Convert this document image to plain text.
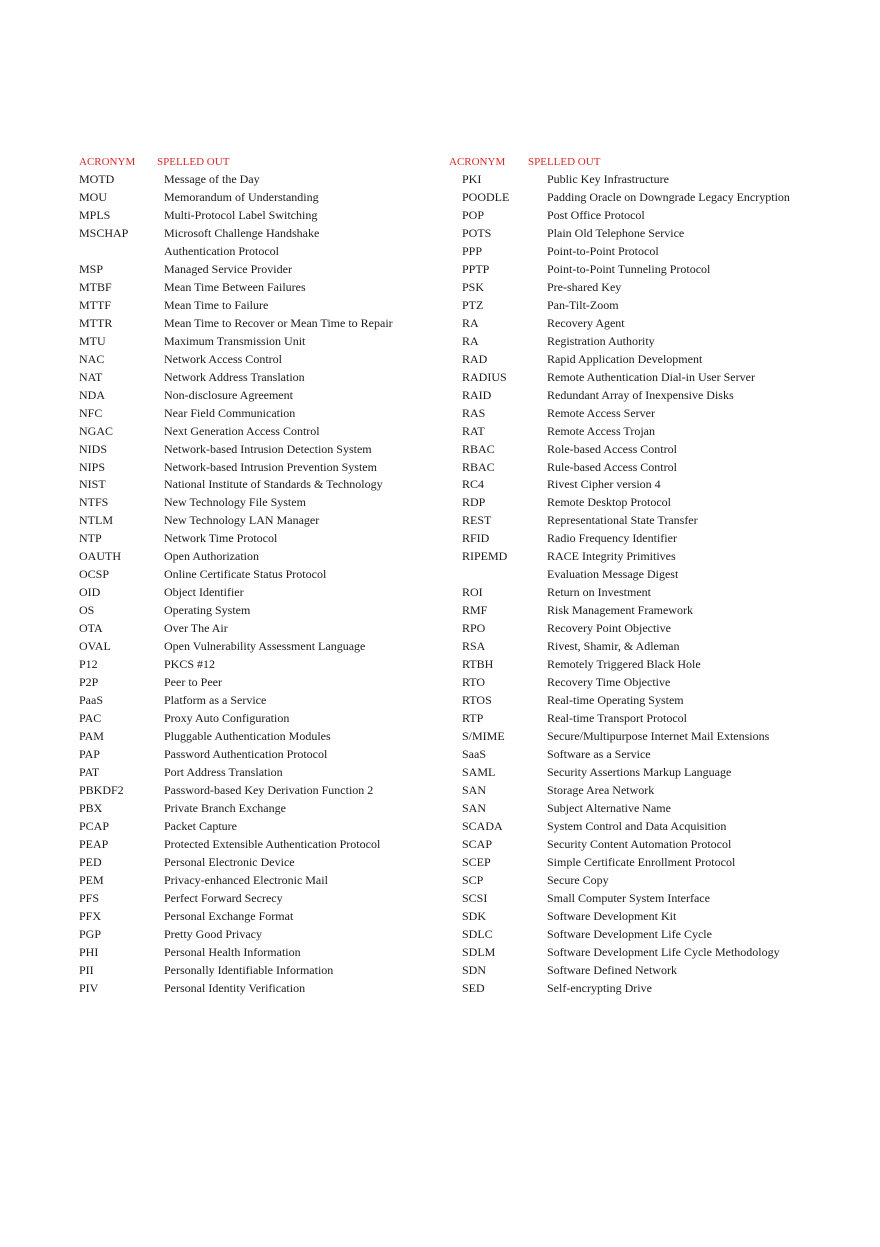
ACRONYM SPELLED OUT
MOTD	Message of the Day
MOU	Memorandum of Understanding
MPLS	Multi-Protocol Label Switching
MSCHAP	Microsoft Challenge Handshake
Authentication Protocol
MSP	Managed Service Provider
MTBF	Mean Time Between Failures
MTTF	Mean Time to Failure
MTTR	Mean Time to Recover or Mean Time to Repair
MTU	Maximum Transmission Unit
NAC	Network Access Control
NAT	Network Address Translation
NDA	Non-disclosure Agreement
NFC	Near Field Communication
NGAC	Next Generation Access Control
NIDS	Network-based Intrusion Detection System
NIPS	Network-based Intrusion Prevention System
NIST	National Institute of Standards & Technology
NTFS	New Technology File System
NTLM	New Technology LAN Manager
NTP	Network Time Protocol
OAUTH	Open Authorization
OCSP	Online Certificate Status Protocol
OID	Object Identifier
OS	Operating System
OTA	Over The Air
OVAL	Open Vulnerability Assessment Language
P12	PKCS #12
P2P	Peer to Peer
PaaS	Platform as a Service
PAC	Proxy Auto Configuration
PAM	Pluggable Authentication Modules
PAP	Password Authentication Protocol
PAT	Port Address Translation
PBKDF2	Password-based Key Derivation Function 2
PBX	Private Branch Exchange
PCAP	Packet Capture
PEAP	Protected Extensible Authentication Protocol
PED	Personal Electronic Device
PEM	Privacy-enhanced Electronic Mail
PFS	Perfect Forward Secrecy
PFX	Personal Exchange Format
PGP	Pretty Good Privacy
PHI	Personal Health Information
PII	Personally Identifiable Information
PIV	Personal Identity Verification
ACRONYM SPELLED OUT
PKI	Public Key Infrastructure
POODLE	Padding Oracle on Downgrade Legacy Encryption
POP	Post Office Protocol
POTS	Plain Old Telephone Service
PPP	Point-to-Point Protocol
PPTP	Point-to-Point Tunneling Protocol
PSK	Pre-shared Key
PTZ	Pan-Tilt-Zoom
RA	Recovery Agent
RA	Registration Authority
RAD	Rapid Application Development
RADIUS	Remote Authentication Dial-in User Server
RAID	Redundant Array of Inexpensive Disks
RAS	Remote Access Server
RAT	Remote Access Trojan
RBAC	Role-based Access Control
RBAC	Rule-based Access Control
RC4	Rivest Cipher version 4
RDP	Remote Desktop Protocol
REST	Representational State Transfer
RFID	Radio Frequency Identifier
RIPEMD	RACE Integrity Primitives
Evaluation Message Digest
ROI	Return on Investment
RMF	Risk Management Framework
RPO	Recovery Point Objective
RSA	Rivest, Shamir, & Adleman
RTBH	Remotely Triggered Black Hole
RTO	Recovery Time Objective
RTOS	Real-time Operating System
RTP	Real-time Transport Protocol
S/MIME	Secure/Multipurpose Internet Mail Extensions
SaaS	Software as a Service
SAML	Security Assertions Markup Language
SAN	Storage Area Network
SAN	Subject Alternative Name
SCADA	System Control and Data Acquisition
SCAP	Security Content Automation Protocol
SCEP	Simple Certificate Enrollment Protocol
SCP	Secure Copy
SCSI	Small Computer System Interface
SDK	Software Development Kit
SDLC	Software Development Life Cycle
SDLM	Software Development Life Cycle Methodology
SDN	Software Defined Network
SED	Self-encrypting Drive
